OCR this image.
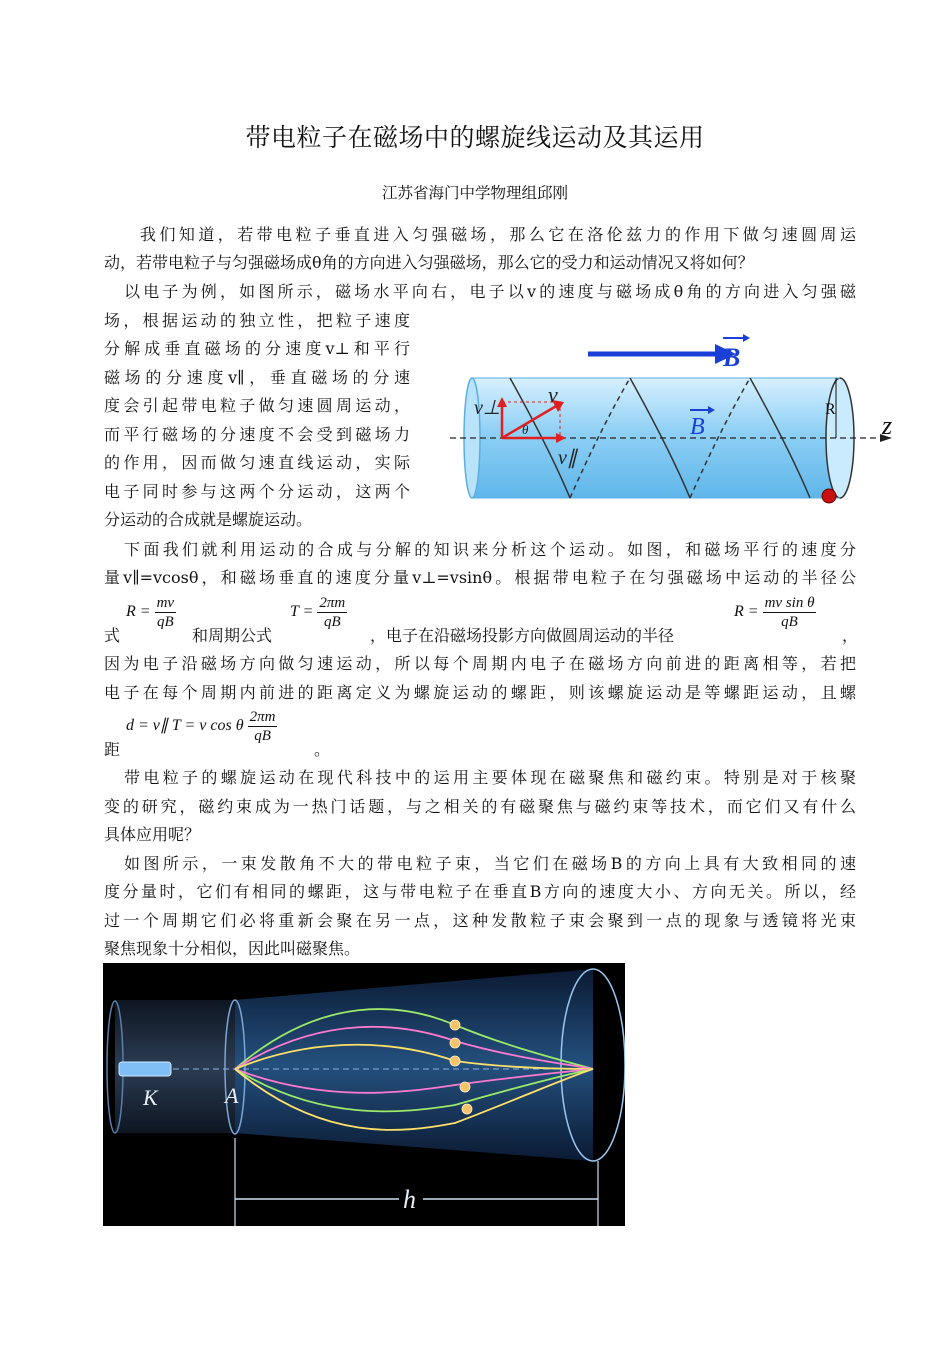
带电粒子在磁场中的螺旋线运动及其运用
江苏省海门中学物理组邱刚
我们知道，若带电粒子垂直进入匀强磁场，那么它在洛伦兹力的作用下做匀速圆周运
动，若带电粒子与匀强磁场成θ角的方向进入匀强磁场，那么它的受力和运动情况又将如何？
以电子为例，如图所示，磁场水平向右，电子以v的速度与磁场成θ角的方向进入匀强磁
场，根据运动的独立性，把粒子速度
分解成垂直磁场的分速度v⊥和平行
磁场的分速度v∥，垂直磁场的分速
度会引起带电粒子做匀速圆周运动，
而平行磁场的分速度不会受到磁场力
的作用，因而做匀速直线运动，实际
电子同时参与这两个分运动，这两个
分运动的合成就是螺旋运动。
B
z
B
R
v
v⊥
v∥
θ
下面我们就利用运动的合成与分解的知识来分析这个运动。如图，和磁场平行的速度分
量v∥=vcosθ，和磁场垂直的速度分量v⊥=vsinθ。根据带电粒子在匀强磁场中运动的半径公
式
$R = \frac{mv}{qB}$
和周期公式
$T = \frac{2\pi m}{qB}$
，电子在沿磁场投影方向做圆周运动的半径
$R = \frac{\text{mv sin θ}}{qB}$
，
因为电子沿磁场方向做匀速运动，所以每个周期内电子在磁场方向前进的距离相等，若把
电子在每个周期内前进的距离定义为螺旋运动的螺距，则该螺旋运动是等螺距运动，且螺
距
d = v∥ T = v cos θ $\frac{2\pi m}{qB}$
。
带电粒子的螺旋运动在现代科技中的运用主要体现在磁聚焦和磁约束。特别是对于核聚
变的研究，磁约束成为一热门话题，与之相关的有磁聚焦与磁约束等技术，而它们又有什么
具体应用呢？
如图所示，一束发散角不大的带电粒子束，当它们在磁场B的方向上具有大致相同的速
度分量时，它们有相同的螺距，这与带电粒子在垂直B方向的速度大小、方向无关。所以，经
过一个周期它们必将重新会聚在另一点，这种发散粒子束会聚到一点的现象与透镜将光束
聚焦现象十分相似，因此叫磁聚焦。
K	A
h
